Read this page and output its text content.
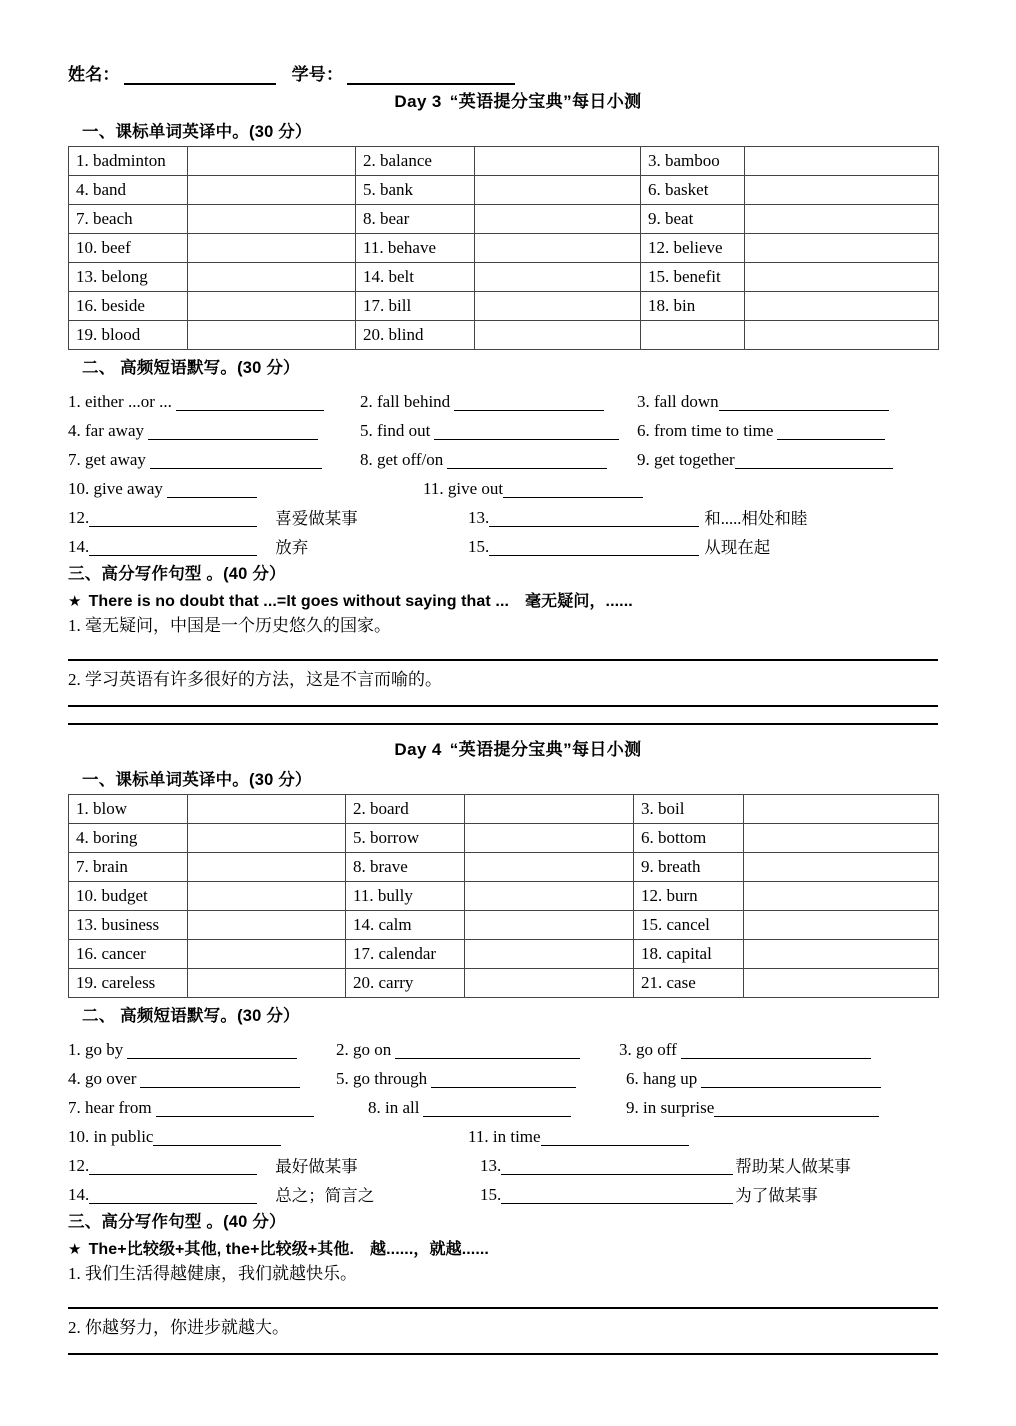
姓名：	学号：
Day 3 “英语提分宝典”每日小测
一、课标单词英译中。(30 分）
1. badminton		2. balance		3. bamboo	
4. band		5. bank		6. basket	
7. beach		8. bear		9. beat	
10. beef		11. behave		12. believe	
13. belong		14. belt		15. benefit	
16. beside		17. bill		18. bin	
19. blood		20. blind			
二、 高频短语默写。(30 分）
1. either ...or ...	2. fall behind	3. fall down
4. far away	5. find out	6. from time to time
7. get away	8. get off/on	9. get together
10. give away	11. give out
12.	喜爱做某事	13.	和.....相处和睦
14.	放弃	15.	从现在起
三、高分写作句型 。(40 分）
★ There is no doubt that ...=It goes without saying that ... 毫无疑问，......
1. 毫无疑问，中国是一个历史悠久的国家。
2. 学习英语有许多很好的方法，这是不言而喻的。
Day 4 “英语提分宝典”每日小测
一、课标单词英译中。(30 分）
1. blow		2. board		3. boil	
4. boring		5. borrow		6. bottom	
7. brain		8. brave		9. breath	
10. budget		11. bully		12. burn	
13. business		14. calm		15. cancel	
16. cancer		17. calendar		18. capital	
19. careless		20. carry		21. case	
二、 高频短语默写。(30 分）
1. go by	2. go on	3. go off
4. go over	5. go through	6. hang up
7. hear from	8. in all	9. in surprise
10. in public	11. in time
12.	最好做某事	13.	帮助某人做某事
14.	总之；简言之	15.	为了做某事
三、高分写作句型 。(40 分）
★ The+比较级+其他, the+比较级+其他. 越......，就越......
1. 我们生活得越健康，我们就越快乐。
2. 你越努力，你进步就越大。
